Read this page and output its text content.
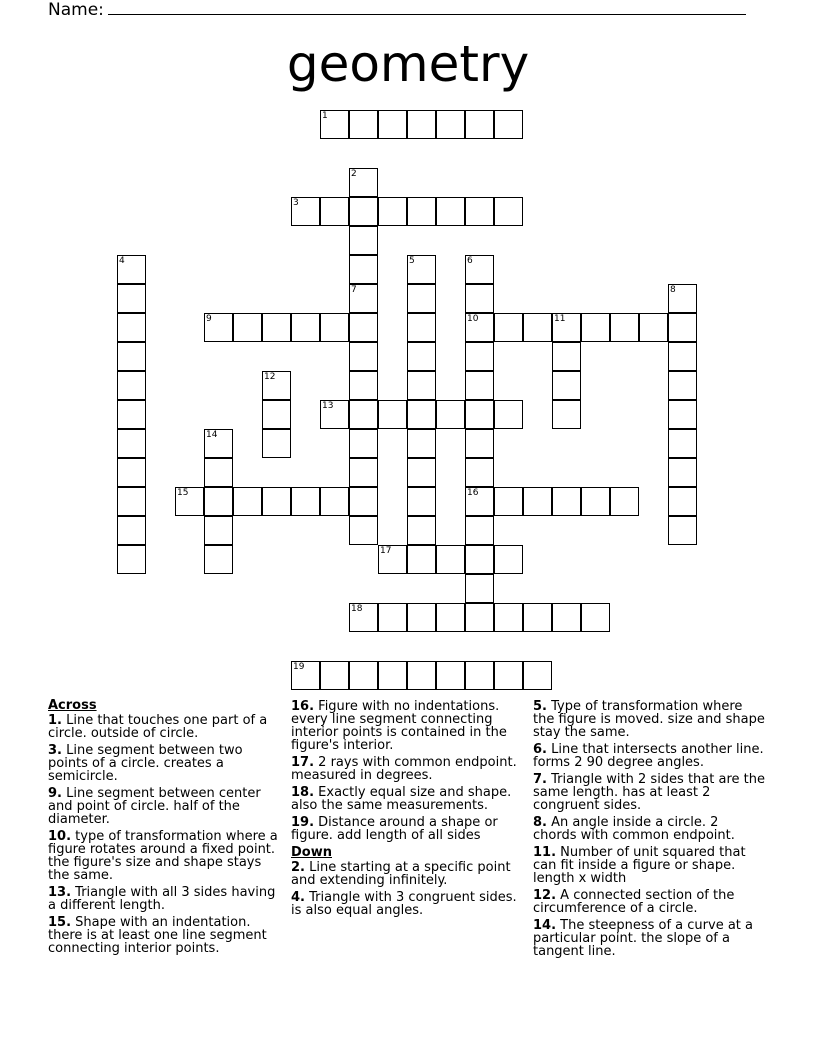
Name:
geometry
1
3
9	10	11
13
15	16
17
18
19
2
4	5	6
7	8
12
14
Across
1. Line that touches one part of a circle. outside of circle.
3. Line segment between two points of a circle. creates a semicircle.
9. Line segment between center and point of circle. half of the diameter.
10. type of transformation where a figure rotates around a fixed point. the figure's size and shape stays the same.
13. Triangle with all 3 sides having a different length.
15. Shape with an indentation. there is at least one line segment connecting interior points.
16. Figure with no indentations. every line segment connecting interior points is contained in the figure's interior.
17. 2 rays with common endpoint. measured in degrees.
18. Exactly equal size and shape. also the same measurements.
19. Distance around a shape or figure. add length of all sides
Down
2. Line starting at a specific point and extending infinitely.
4. Triangle with 3 congruent sides. is also equal angles.
5. Type of transformation where the figure is moved. size and shape stay the same.
6. Line that intersects another line. forms 2 90 degree angles.
7. Triangle with 2 sides that are the same length. has at least 2 congruent sides.
8. An angle inside a circle. 2 chords with common endpoint.
11. Number of unit squared that can fit inside a figure or shape. length x width
12. A connected section of the circumference of a circle.
14. The steepness of a curve at a particular point. the slope of a tangent line.
